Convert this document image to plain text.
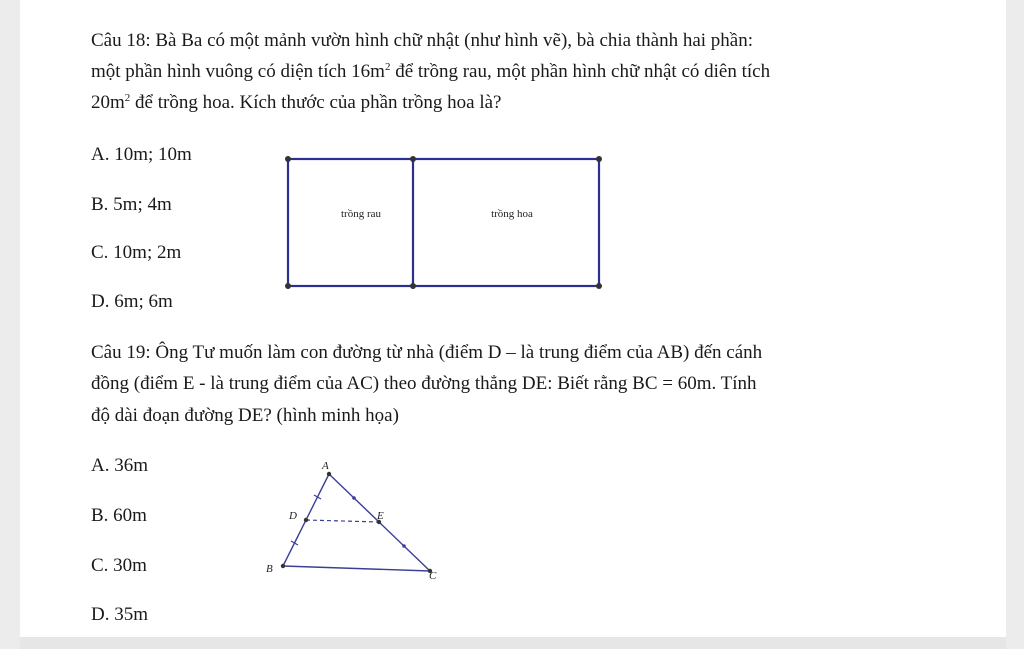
Câu 18: Bà Ba có một mảnh vườn hình chữ nhật (như hình vẽ), bà chia thành hai phần:
một phần hình vuông có diện tích $16m^2$ để trồng rau, một phần hình chữ nhật có diên tích
$20m^2$ để trồng hoa. Kích thước của phần trồng hoa là?
A. 10m; 10m
B. 5m; 4m
C. 10m; 2m
D. 6m; 6m
trồng rau	trồng hoa
Câu 19: Ông Tư muốn làm con đường từ nhà (điểm D – là trung điểm của AB) đến cánh
đồng (điểm E - là trung điểm của AC) theo đường thẳng DE: Biết rằng BC = 60m. Tính
độ dài đoạn đường DE? (hình minh họa)
A. 36m
B. 60m
C. 30m
D. 35m
A
B
C
D	E
